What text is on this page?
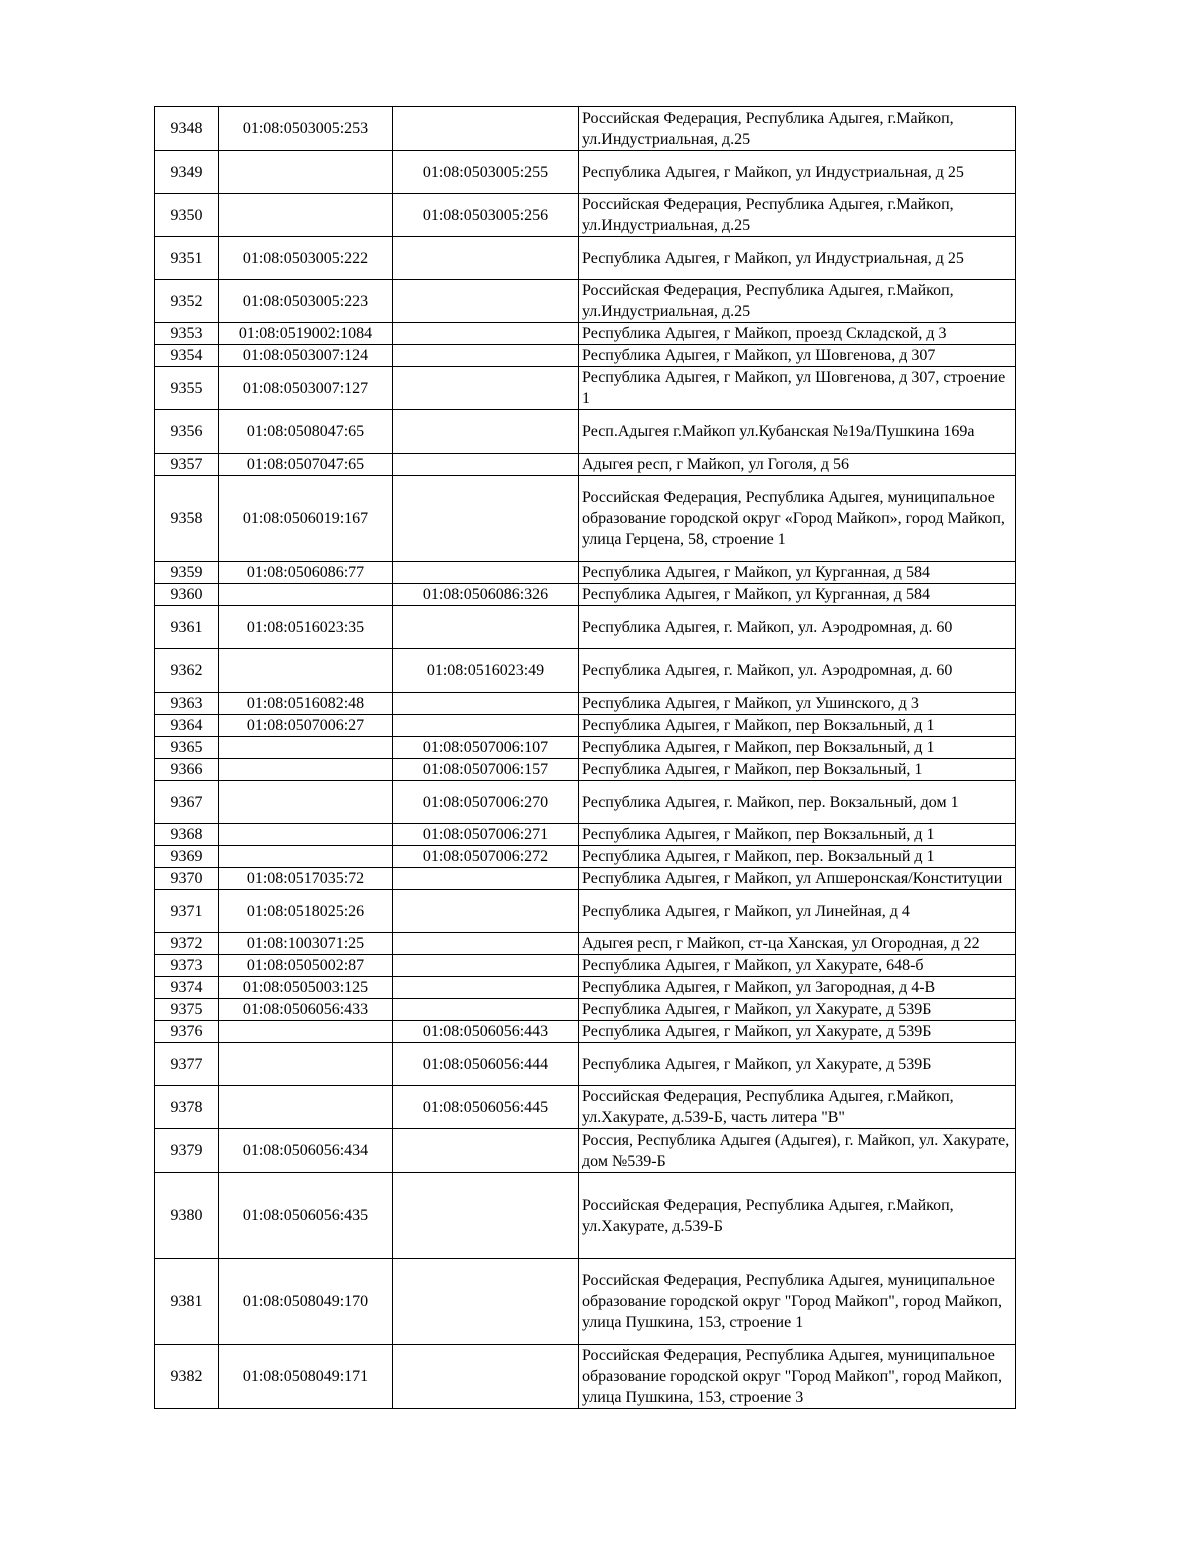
9348	01:08:0503005:253		Российская Федерация, Республика Адыгея, г.Майкоп, ул.Индустриальная, д.25
9349		01:08:0503005:255	Республика Адыгея, г Майкоп, ул Индустриальная, д 25
9350		01:08:0503005:256	Российская Федерация, Республика Адыгея, г.Майкоп, ул.Индустриальная, д.25
9351	01:08:0503005:222		Республика Адыгея, г Майкоп, ул Индустриальная, д 25
9352	01:08:0503005:223		Российская Федерация, Республика Адыгея, г.Майкоп, ул.Индустриальная, д.25
9353	01:08:0519002:1084		Республика Адыгея, г Майкоп, проезд Складской, д 3
9354	01:08:0503007:124		Республика Адыгея, г Майкоп, ул Шовгенова, д 307
9355	01:08:0503007:127		Республика Адыгея, г Майкоп, ул Шовгенова, д 307, строение 1
9356	01:08:0508047:65		Респ.Адыгея г.Майкоп ул.Кубанская №19а/Пушкина 169а
9357	01:08:0507047:65		Адыгея респ, г Майкоп, ул Гоголя, д 56
9358	01:08:0506019:167		Российская Федерация, Республика Адыгея, муниципальное образование городской округ «Город Майкоп», город Майкоп, улица Герцена, 58, строение 1
9359	01:08:0506086:77		Республика Адыгея, г Майкоп, ул Курганная, д 584
9360		01:08:0506086:326	Республика Адыгея, г Майкоп, ул Курганная, д 584
9361	01:08:0516023:35		Республика Адыгея, г. Майкоп, ул. Аэродромная, д. 60
9362		01:08:0516023:49	Республика Адыгея, г. Майкоп, ул. Аэродромная, д. 60
9363	01:08:0516082:48		Республика Адыгея, г Майкоп, ул Ушинского, д 3
9364	01:08:0507006:27		Республика Адыгея, г Майкоп, пер Вокзальный, д 1
9365		01:08:0507006:107	Республика Адыгея, г Майкоп, пер Вокзальный, д 1
9366		01:08:0507006:157	Республика Адыгея, г Майкоп, пер Вокзальный, 1
9367		01:08:0507006:270	Республика Адыгея, г. Майкоп, пер. Вокзальный, дом 1
9368		01:08:0507006:271	Республика Адыгея, г Майкоп, пер Вокзальный, д 1
9369		01:08:0507006:272	Республика Адыгея, г Майкоп, пер. Вокзальный д 1
9370	01:08:0517035:72		Республика Адыгея, г Майкоп, ул Апшеронская/Конституции
9371	01:08:0518025:26		Республика Адыгея, г Майкоп, ул Линейная, д 4
9372	01:08:1003071:25		Адыгея респ, г Майкоп, ст-ца Ханская, ул Огородная, д 22
9373	01:08:0505002:87		Республика Адыгея, г Майкоп, ул Хакурате, 648-б
9374	01:08:0505003:125		Республика Адыгея, г Майкоп, ул Загородная, д 4-В
9375	01:08:0506056:433		Республика Адыгея, г Майкоп, ул Хакурате, д 539Б
9376		01:08:0506056:443	Республика Адыгея, г Майкоп, ул Хакурате, д 539Б
9377		01:08:0506056:444	Республика Адыгея, г Майкоп, ул Хакурате, д 539Б
9378		01:08:0506056:445	Российская Федерация, Республика Адыгея, г.Майкоп, ул.Хакурате, д.539-Б, часть литера "В"
9379	01:08:0506056:434		Россия, Республика Адыгея (Адыгея), г. Майкоп, ул. Хакурате, дом №539-Б
9380	01:08:0506056:435		Российская Федерация, Республика Адыгея, г.Майкоп, ул.Хакурате, д.539-Б
9381	01:08:0508049:170		Российская Федерация, Республика Адыгея, муниципальное образование городской округ "Город Майкоп", город Майкоп, улица Пушкина, 153, строение 1
9382	01:08:0508049:171		Российская Федерация, Республика Адыгея, муниципальное образование городской округ "Город Майкоп", город Майкоп, улица Пушкина, 153, строение 3
